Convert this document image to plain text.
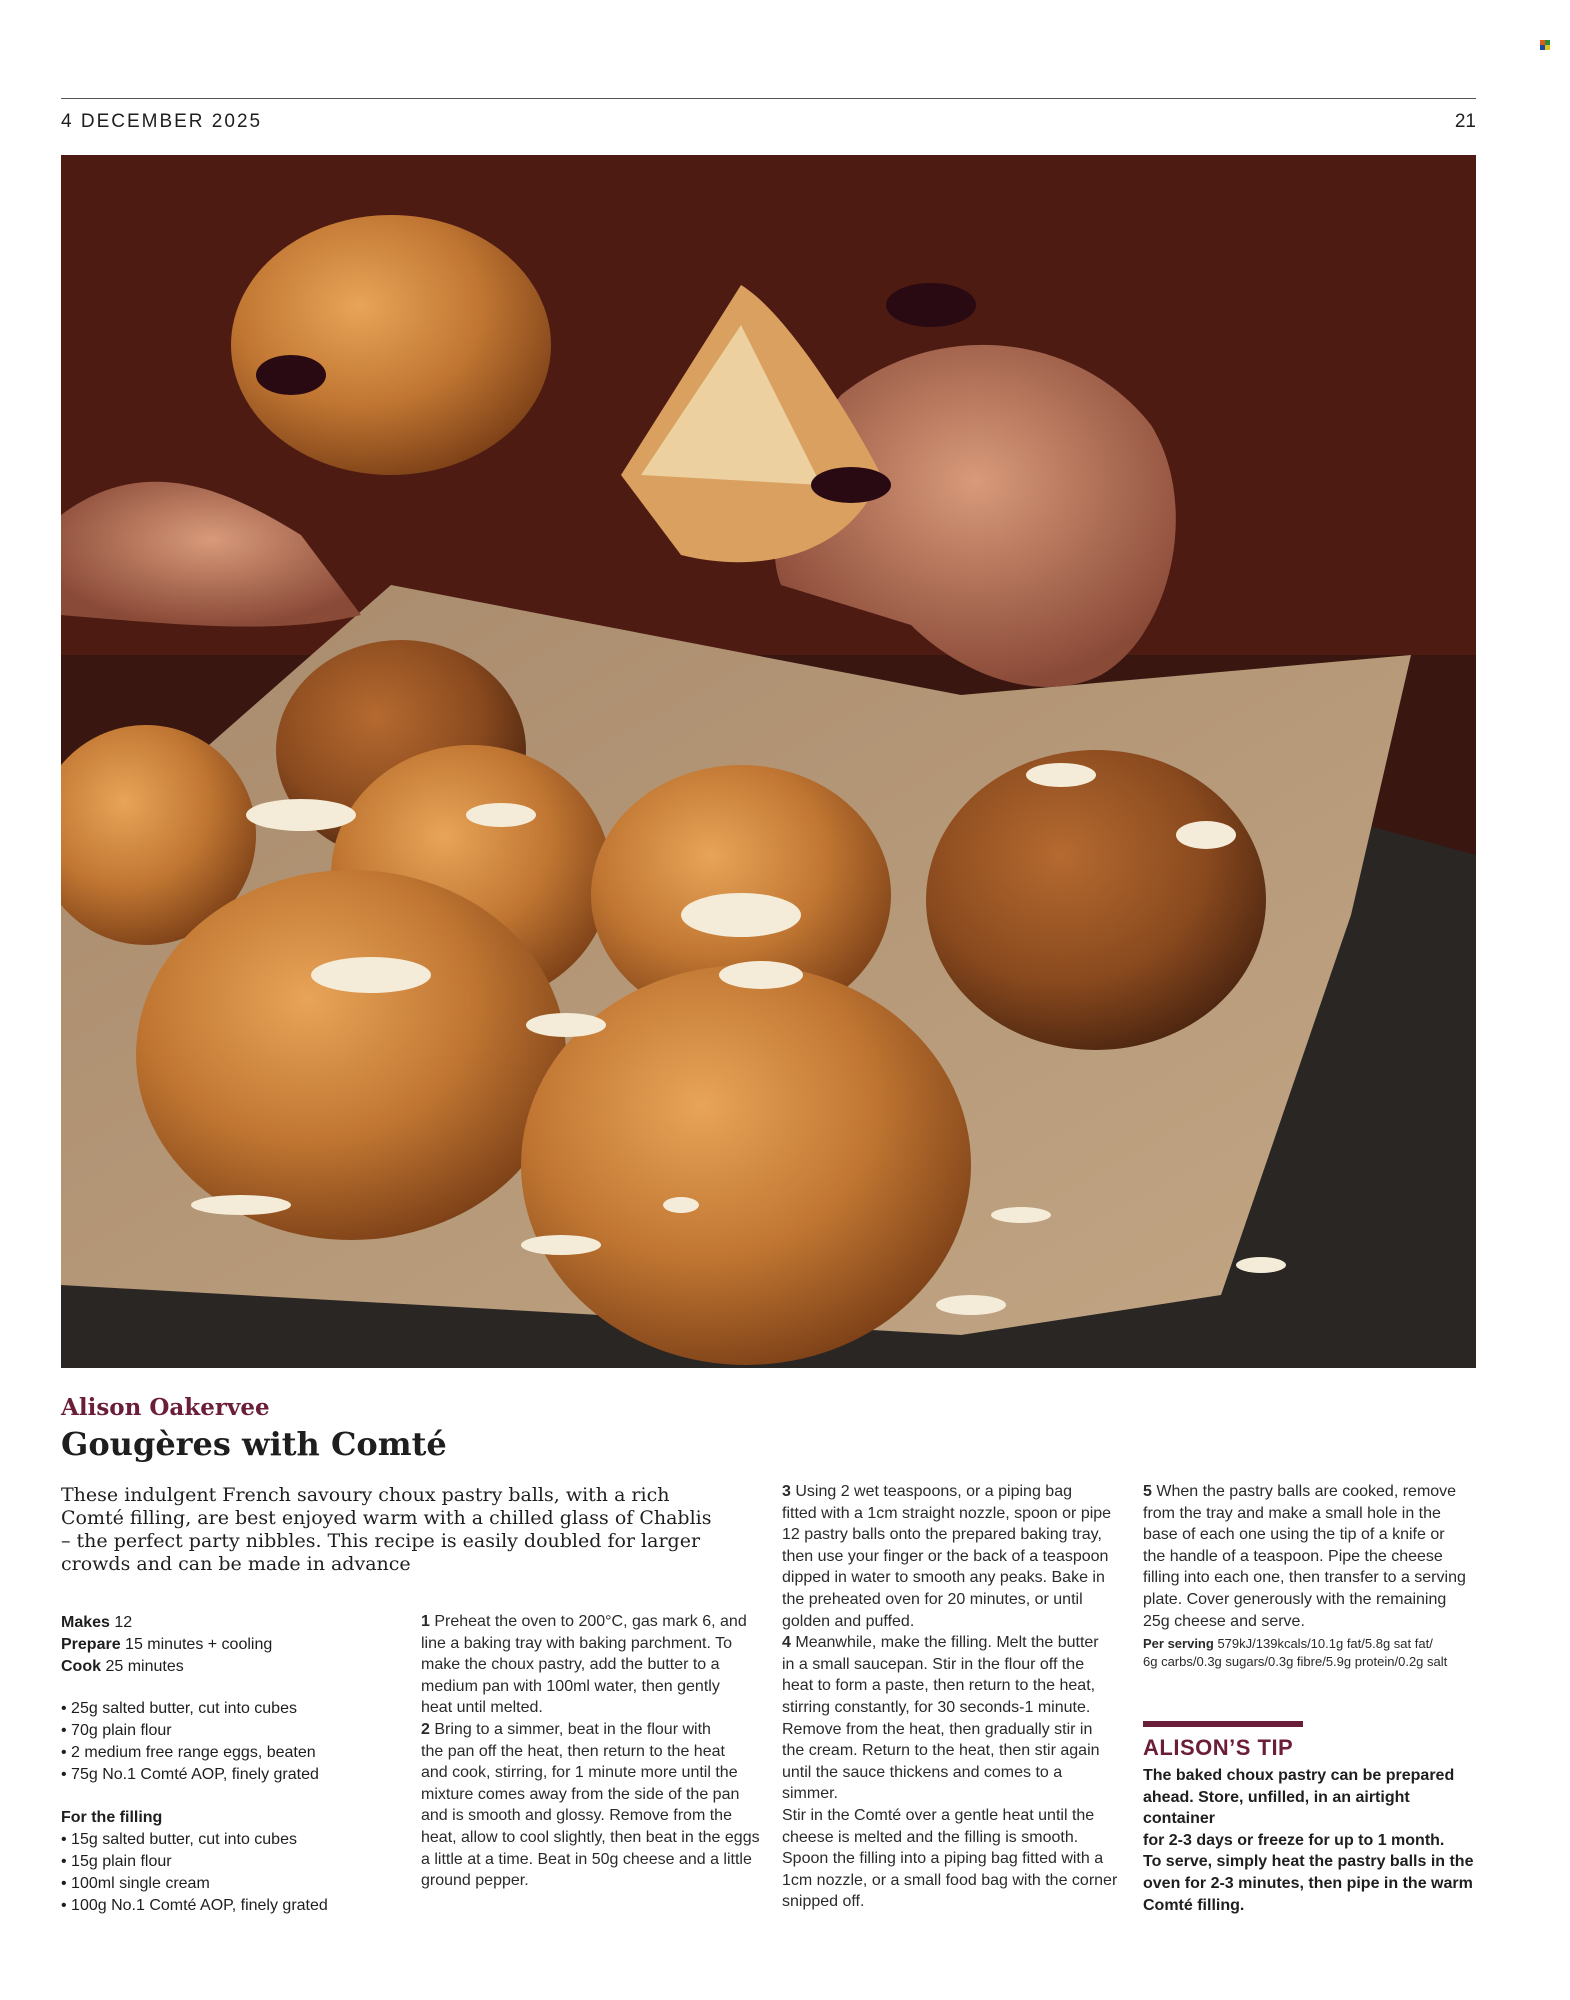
4 DECEMBER 2025	21
Alison Oakervee
Gougères with Comté
These indulgent French savoury choux pastry balls, with a rich
Comté filling, are best enjoyed warm with a chilled glass of Chablis
– the perfect party nibbles. This recipe is easily doubled for larger
crowds and can be made in advance
Makes 12
Prepare 15 minutes + cooling
Cook 25 minutes
• 25g salted butter, cut into cubes
• 70g plain flour
• 2 medium free range eggs, beaten
• 75g No.1 Comté AOP, finely grated
For the filling
• 15g salted butter, cut into cubes
• 15g plain flour
• 100ml single cream
• 100g No.1 Comté AOP, finely grated

1 Preheat the oven to 200°C, gas mark 6, and

line a baking tray with baking parchment. To

make the choux pastry, add the butter to a

medium pan with 100ml water, then gently

heat until melted.

2 Bring to a simmer, beat in the flour with

the pan off the heat, then return to the heat

and cook, stirring, for 1 minute more until the

mixture comes away from the side of the pan

and is smooth and glossy. Remove from the

heat, allow to cool slightly, then beat in the eggs

a little at a time. Beat in 50g cheese and a little

ground pepper.

3 Using 2 wet teaspoons, or a piping bag

fitted with a 1cm straight nozzle, spoon or pipe

12 pastry balls onto the prepared baking tray,

then use your finger or the back of a teaspoon

dipped in water to smooth any peaks. Bake in

the preheated oven for 20 minutes, or until

golden and puffed.

4 Meanwhile, make the filling. Melt the butter

in a small saucepan. Stir in the flour off the

heat to form a paste, then return to the heat,

stirring constantly, for 30 seconds-1 minute.

Remove from the heat, then gradually stir in

the cream. Return to the heat, then stir again

until the sauce thickens and comes to a simmer.

Stir in the Comté over a gentle heat until the

cheese is melted and the filling is smooth.

Spoon the filling into a piping bag fitted with a

1cm nozzle, or a small food bag with the corner

snipped off.

5 When the pastry balls are cooked, remove

from the tray and make a small hole in the

base of each one using the tip of a knife or

the handle of a teaspoon. Pipe the cheese

filling into each one, then transfer to a serving

plate. Cover generously with the remaining

25g cheese and serve.

Per serving 579kJ/139kcals/10.1g fat/5.8g sat fat/
6g carbs/0.3g sugars/0.3g fibre/5.9g protein/0.2g salt
ALISON’S TIP
The baked choux pastry can be prepared
ahead. Store, unfilled, in an airtight container
for 2-3 days or freeze for up to 1 month.
To serve, simply heat the pastry balls in the
oven for 2-3 minutes, then pipe in the warm
Comté filling.
